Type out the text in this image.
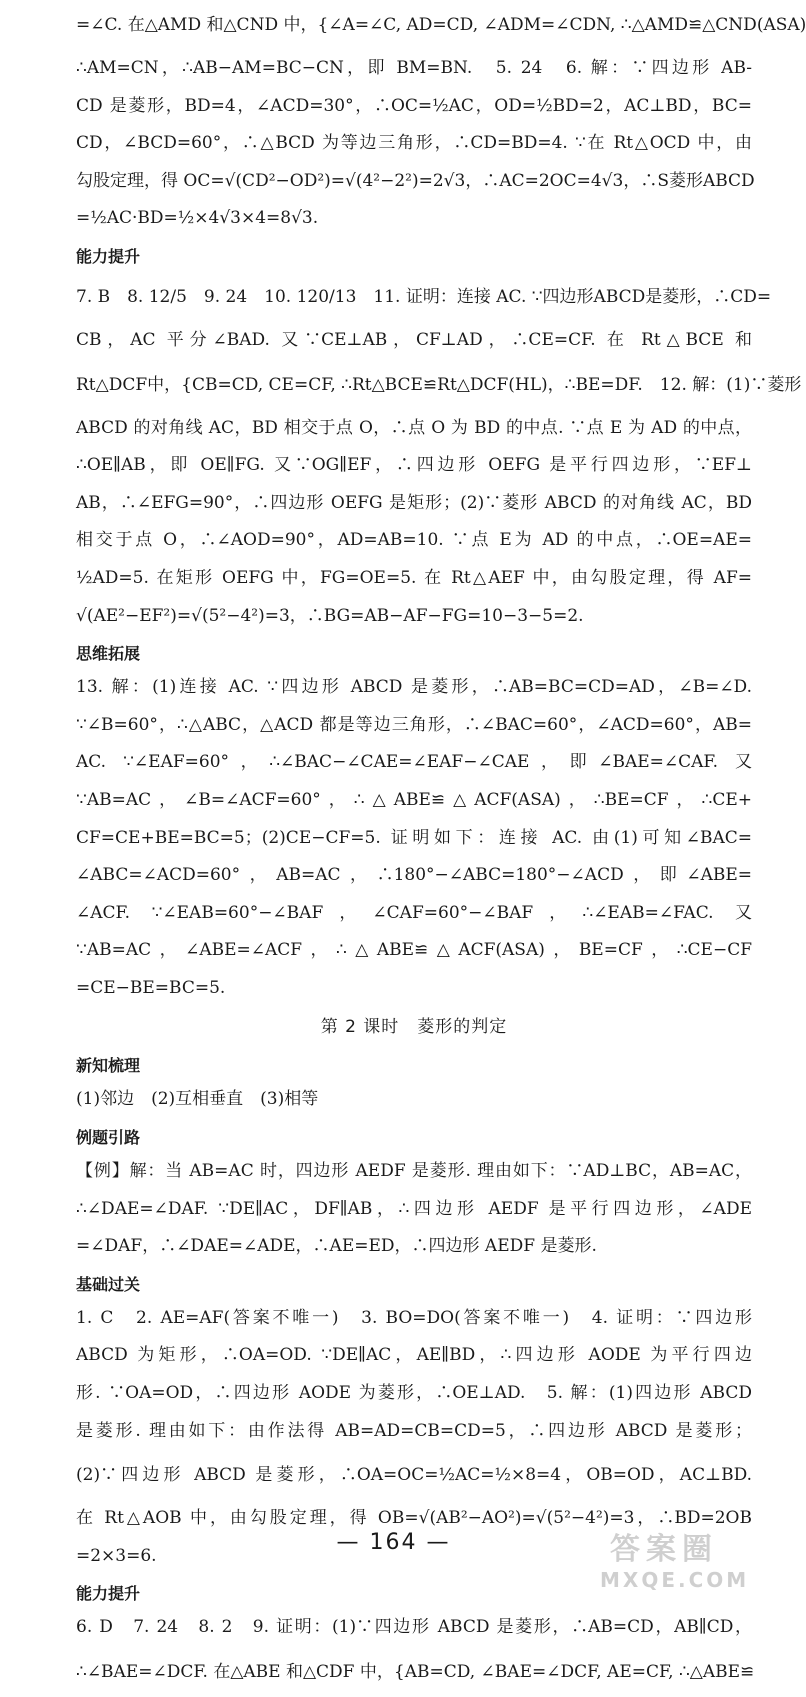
=∠C. 在△AMD 和△CND 中，{∠A=∠C, AD=CD, ∠ADM=∠CDN, ∴△AMD≌△CND(ASA)
∴AM=CN，∴AB−AM=BC−CN，即 BM=BN.　5. 24　6. 解：∵四边形 AB-
CD 是菱形，BD=4，∠ACD=30°，∴OC=½AC，OD=½BD=2，AC⊥BD，BC=
CD，∠BCD=60°，∴△BCD 为等边三角形，∴CD=BD=4. ∵在 Rt△OCD 中，由
勾股定理，得 OC=√(CD²−OD²)=√(4²−2²)=2√3，∴AC=2OC=4√3，∴S菱形ABCD
=½AC·BD=½×4√3×4=8√3.
能力提升
7. B　8. 12/5　9. 24　10. 120/13　11. 证明：连接 AC. ∵四边形ABCD是菱形，∴CD=
CB，AC 平分∠BAD. 又∵CE⊥AB，CF⊥AD，∴CE=CF. 在 Rt△BCE 和
Rt△DCF中，{CB=CD, CE=CF, ∴Rt△BCE≌Rt△DCF(HL)，∴BE=DF.　12. 解：(1)∵菱形
ABCD 的对角线 AC，BD 相交于点 O，∴点 O 为 BD 的中点. ∵点 E 为 AD 的中点，
∴OE∥AB，即 OE∥FG. 又∵OG∥EF，∴四边形 OEFG 是平行四边形，∵EF⊥
AB，∴∠EFG=90°，∴四边形 OEFG 是矩形；(2)∵菱形 ABCD 的对角线 AC，BD
相交于点 O，∴∠AOD=90°，AD=AB=10. ∵点 E为 AD 的中点，∴OE=AE=
½AD=5. 在矩形 OEFG 中，FG=OE=5. 在 Rt△AEF 中，由勾股定理，得 AF=
√(AE²−EF²)=√(5²−4²)=3，∴BG=AB−AF−FG=10−3−5=2.
思维拓展
13. 解：(1)连接 AC. ∵四边形 ABCD 是菱形，∴AB=BC=CD=AD，∠B=∠D.
∵∠B=60°，∴△ABC，△ACD 都是等边三角形，∴∠BAC=60°，∠ACD=60°，AB=
AC. ∵∠EAF=60°，∴∠BAC−∠CAE=∠EAF−∠CAE，即∠BAE=∠CAF. 又
∵AB=AC，∠B=∠ACF=60°，∴△ABE≌△ACF(ASA)，∴BE=CF，∴CE+
CF=CE+BE=BC=5；(2)CE−CF=5. 证明如下：连接 AC. 由(1)可知∠BAC=
∠ABC=∠ACD=60°，AB=AC，∴180°−∠ABC=180°−∠ACD，即∠ABE=
∠ACF. ∵∠EAB=60°−∠BAF，∠CAF=60°−∠BAF，∴∠EAB=∠FAC. 又
∵AB=AC，∠ABE=∠ACF，∴△ABE≌△ACF(ASA)，BE=CF，∴CE−CF
=CE−BE=BC=5.
第 2 课时　菱形的判定
新知梳理
(1)邻边　(2)互相垂直　(3)相等
例题引路
【例】解：当 AB=AC 时，四边形 AEDF 是菱形. 理由如下：∵AD⊥BC，AB=AC，
∴∠DAE=∠DAF. ∵DE∥AC，DF∥AB，∴四边形 AEDF 是平行四边形，∠ADE
=∠DAF，∴∠DAE=∠ADE，∴AE=ED，∴四边形 AEDF 是菱形.
基础过关
1. C　2. AE=AF(答案不唯一)　3. BO=DO(答案不唯一)　4. 证明：∵四边形
ABCD 为矩形，∴OA=OD. ∵DE∥AC，AE∥BD，∴四边形 AODE 为平行四边
形. ∵OA=OD，∴四边形 AODE 为菱形，∴OE⊥AD.　5. 解：(1)四边形 ABCD
是菱形. 理由如下：由作法得 AB=AD=CB=CD=5，∴四边形 ABCD 是菱形；
(2)∵四边形 ABCD 是菱形，∴OA=OC=½AC=½×8=4，OB=OD，AC⊥BD.
在 Rt△AOB 中，由勾股定理，得 OB=√(AB²−AO²)=√(5²−4²)=3，∴BD=2OB
=2×3=6.
能力提升
6. D　7. 24　8. 2　9. 证明：(1)∵四边形 ABCD 是菱形，∴AB=CD，AB∥CD，
∴∠BAE=∠DCF. 在△ABE 和△CDF 中，{AB=CD, ∠BAE=∠DCF, AE=CF, ∴△ABE≌
— 164 —	答案圈
MXQE.COM
